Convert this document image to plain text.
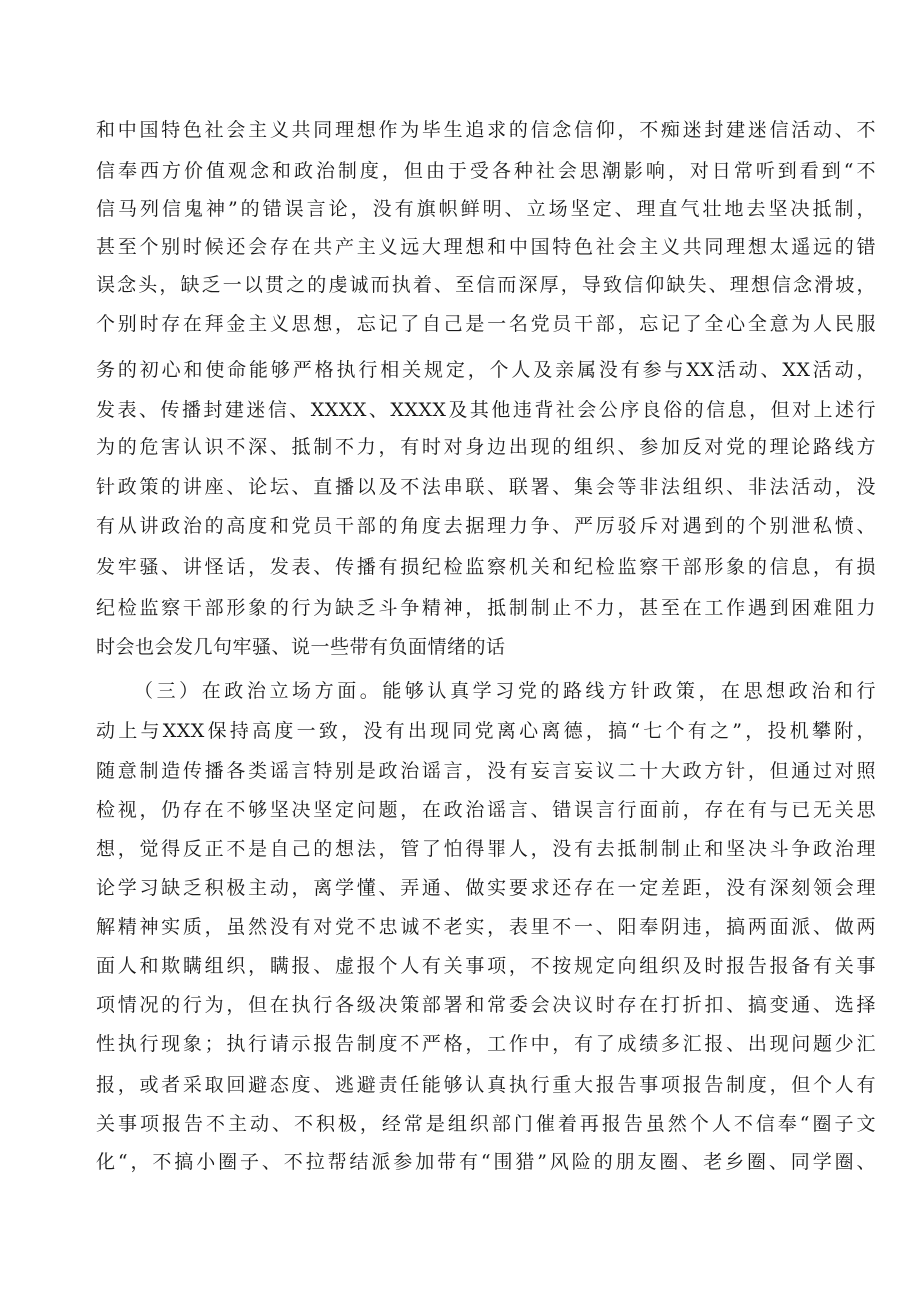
和中国特色社会主义共同理想作为毕生追求的信念信仰，不痴迷封建迷信活动、不
信奉西方价值观念和政治制度，但由于受各种社会思潮影响，对日常听到看到“不
信马列信鬼神”的错误言论，没有旗帜鲜明、立场坚定、理直气壮地去坚决抵制，
甚至个别时候还会存在共产主义远大理想和中国特色社会主义共同理想太遥远的错
误念头，缺乏一以贯之的虔诚而执着、至信而深厚，导致信仰缺失、理想信念滑坡，
个别时存在拜金主义思想，忘记了自己是一名党员干部，忘记了全心全意为人民服
务的初心和使命能够严格执行相关规定，个人及亲属没有参与XX活动、XX活动，
发表、传播封建迷信、XXXX、XXXX及其他违背社会公序良俗的信息，但对上述行
为的危害认识不深、抵制不力，有时对身边出现的组织、参加反对党的理论路线方
针政策的讲座、论坛、直播以及不法串联、联署、集会等非法组织、非法活动，没
有从讲政治的高度和党员干部的角度去据理力争、严厉驳斥对遇到的个别泄私愤、
发牢骚、讲怪话，发表、传播有损纪检监察机关和纪检监察干部形象的信息，有损
纪检监察干部形象的行为缺乏斗争精神，抵制制止不力，甚至在工作遇到困难阻力
时会也会发几句牢骚、说一些带有负面情绪的话
（三）在政治立场方面。能够认真学习党的路线方针政策，在思想政治和行
动上与XXX保持高度一致，没有出现同党离心离德，搞“七个有之”，投机攀附，
随意制造传播各类谣言特别是政治谣言，没有妄言妄议二十大政方针，但通过对照
检视，仍存在不够坚决坚定问题，在政治谣言、错误言行面前，存在有与已无关思
想，觉得反正不是自己的想法，管了怕得罪人，没有去抵制制止和坚决斗争政治理
论学习缺乏积极主动，离学懂、弄通、做实要求还存在一定差距，没有深刻领会理
解精神实质，虽然没有对党不忠诚不老实，表里不一、阳奉阴违，搞两面派、做两
面人和欺瞒组织，瞒报、虚报个人有关事项，不按规定向组织及时报告报备有关事
项情况的行为，但在执行各级决策部署和常委会决议时存在打折扣、搞变通、选择
性执行现象；执行请示报告制度不严格，工作中，有了成绩多汇报、出现问题少汇
报，或者采取回避态度、逃避责任能够认真执行重大报告事项报告制度，但个人有
关事项报告不主动、不积极，经常是组织部门催着再报告虽然个人不信奉“圈子文
化“，不搞小圈子、不拉帮结派参加带有“围猎”风险的朋友圈、老乡圈、同学圈、
